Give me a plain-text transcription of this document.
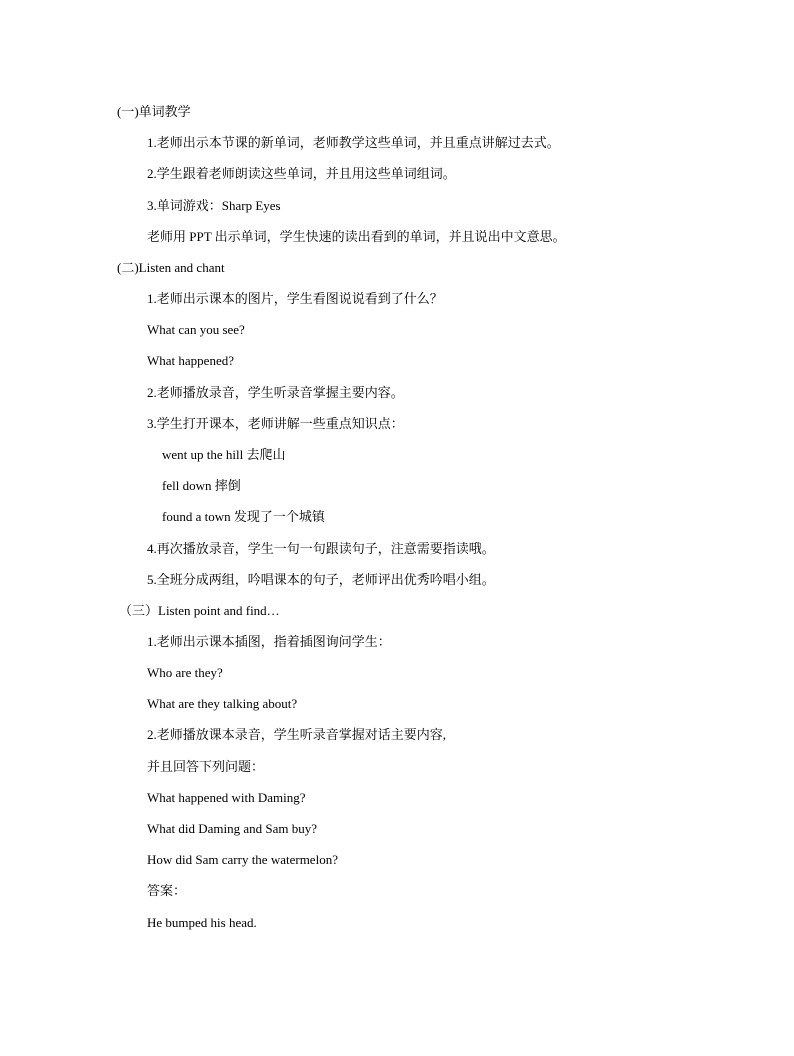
(一)单词教学
1.老师出示本节课的新单词，老师教学这些单词，并且重点讲解过去式。
2.学生跟着老师朗读这些单词，并且用这些单词组词。
3.单词游戏：Sharp Eyes
老师用 PPT 出示单词，学生快速的读出看到的单词，并且说出中文意思。
(二)Listen and chant
1.老师出示课本的图片，学生看图说说看到了什么？
What can you see?
What happened?
2.老师播放录音，学生听录音掌握主要内容。
3.学生打开课本，老师讲解一些重点知识点：
went up the hill 去爬山
fell down 摔倒
found a town 发现了一个城镇
4.再次播放录音，学生一句一句跟读句子，注意需要指读哦。
5.全班分成两组，吟唱课本的句子，老师评出优秀吟唱小组。
（三）Listen point and find…
1.老师出示课本插图，指着插图询问学生：
Who are they?
What are they talking about?
2.老师播放课本录音，学生听录音掌握对话主要内容,
并且回答下列问题：
What happened with Daming?
What did Daming and Sam buy?
How did Sam carry the watermelon?
答案：
He bumped his head.
